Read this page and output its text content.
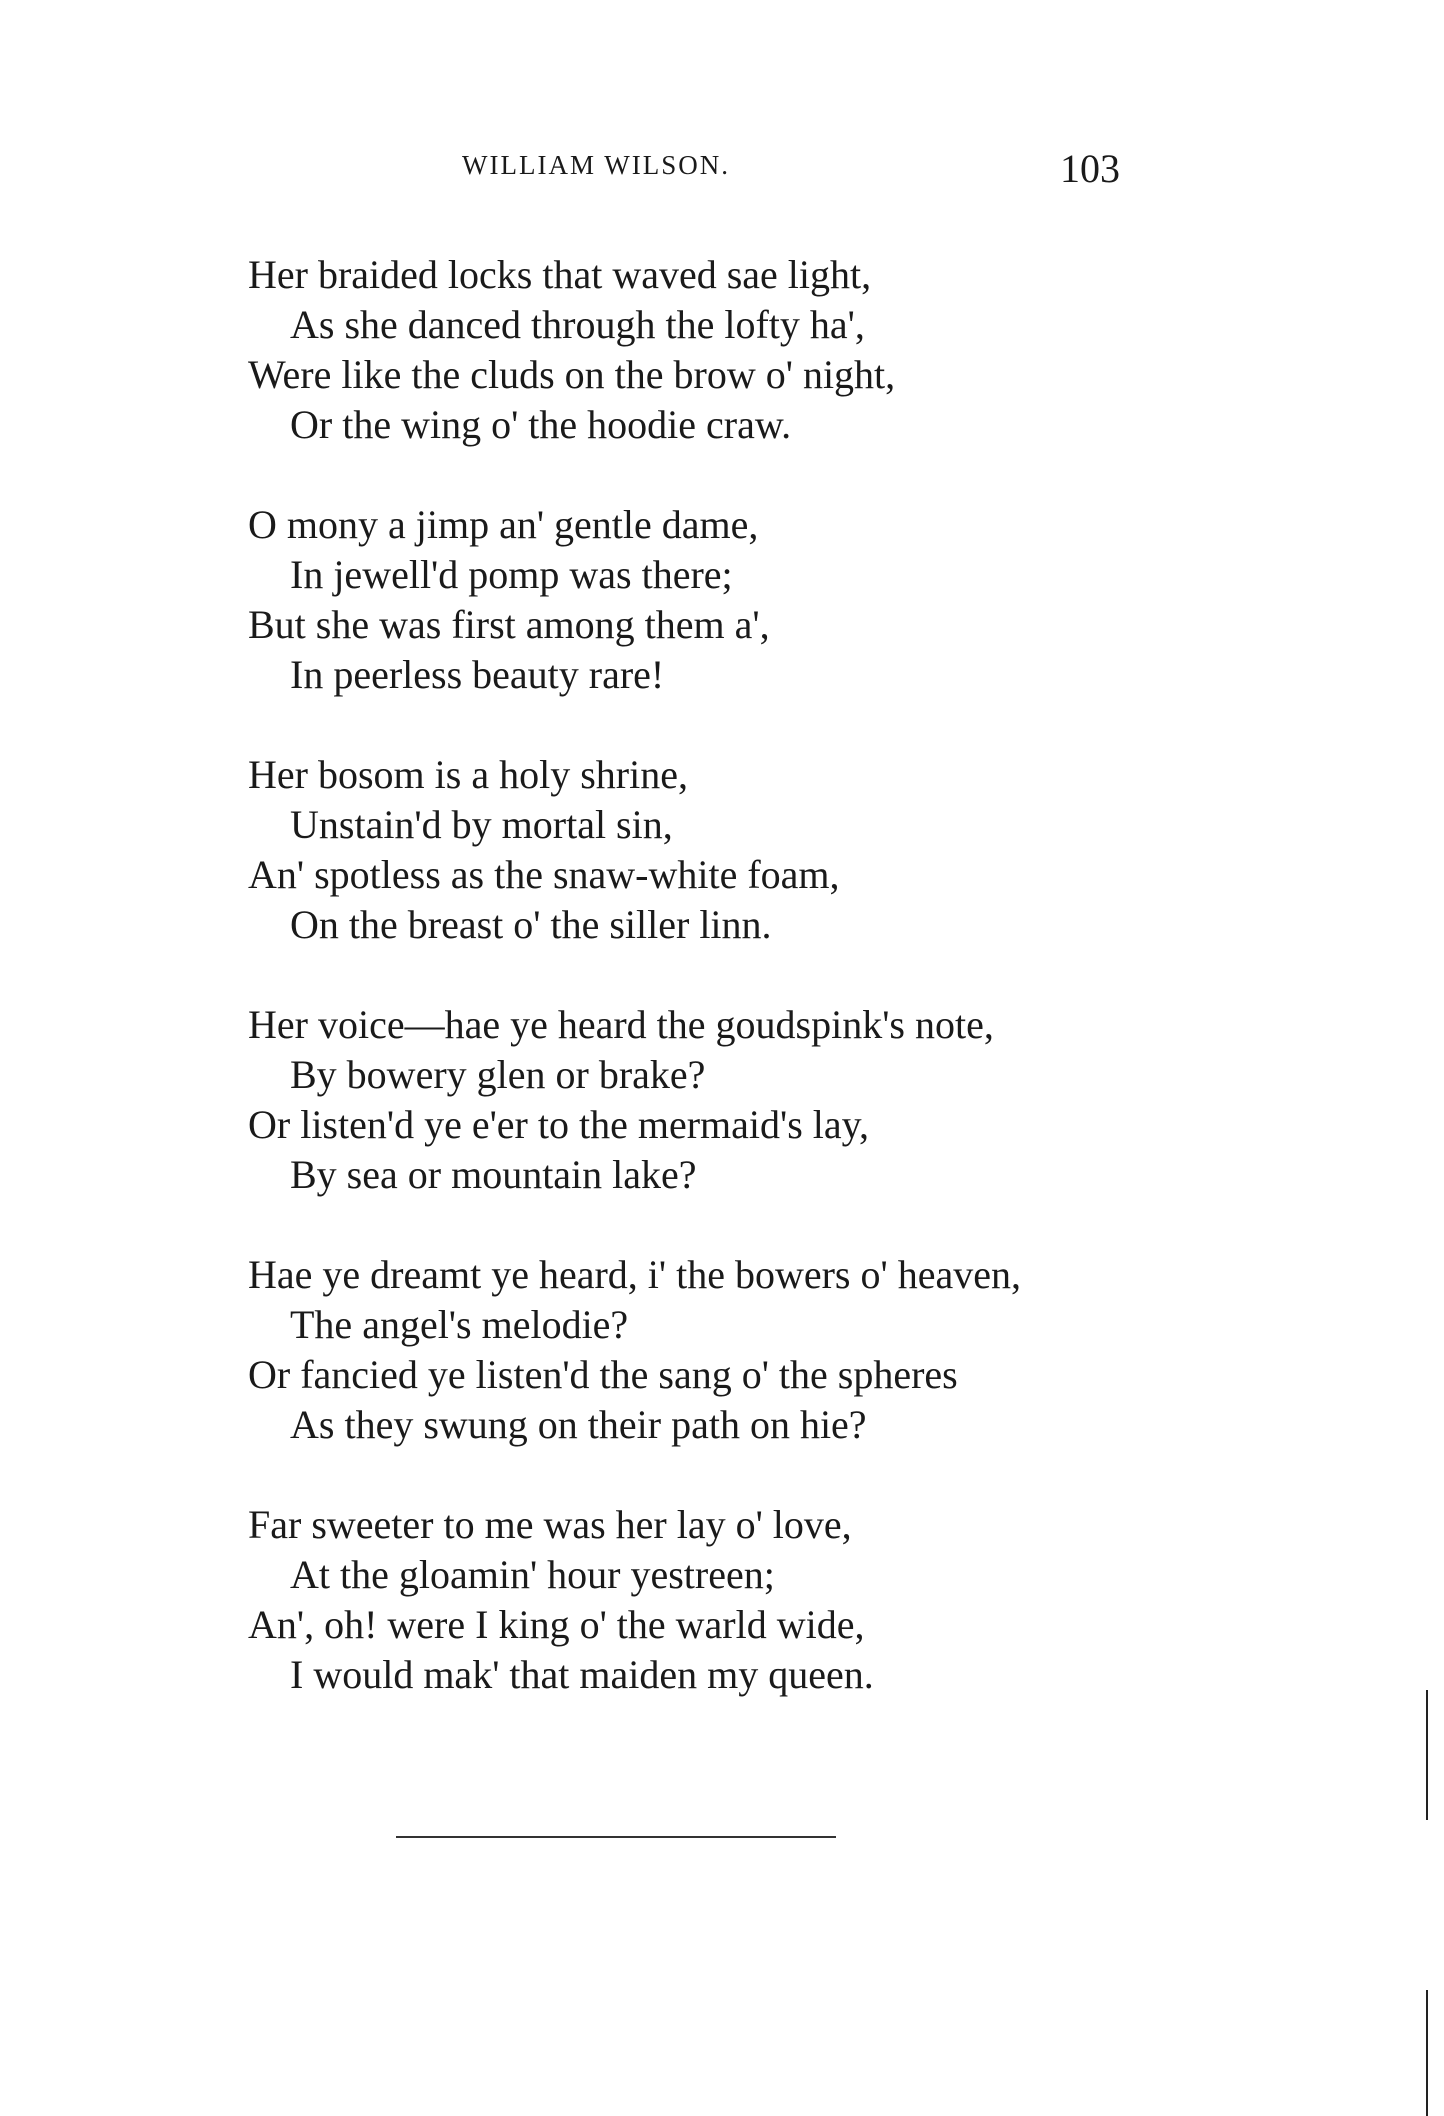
WILLIAM WILSON.	103
Her braided locks that waved sae light,
As she danced through the lofty ha',
Were like the cluds on the brow o' night,
Or the wing o' the hoodie craw.
O mony a jimp an' gentle dame,
In jewell'd pomp was there;
But she was first among them a',
In peerless beauty rare!
Her bosom is a holy shrine,
Unstain'd by mortal sin,
An' spotless as the snaw-white foam,
On the breast o' the siller linn.
Her voice—hae ye heard the goudspink's note,
By bowery glen or brake?
Or listen'd ye e'er to the mermaid's lay,
By sea or mountain lake?
Hae ye dreamt ye heard, i' the bowers o' heaven,
The angel's melodie?
Or fancied ye listen'd the sang o' the spheres
As they swung on their path on hie?
Far sweeter to me was her lay o' love,
At the gloamin' hour yestreen;
An', oh! were I king o' the warld wide,
I would mak' that maiden my queen.
